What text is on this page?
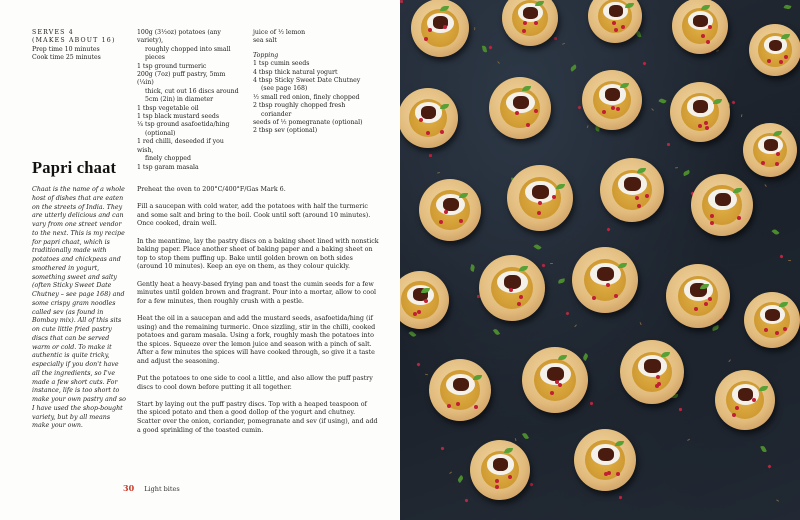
SERVES 4
(MAKES ABOUT 16)
Prep time 10 minutes
Cook time 25 minutes

100g (3½oz) potatoes (any variety),

roughly chopped into small pieces

1 tsp ground turmeric

200g (7oz) puff pastry, 5mm (¼in)

thick, cut out 16 discs around

5cm (2in) in diameter

1 tbsp vegetable oil

1 tsp black mustard seeds

¼ tsp ground asafoetida/hing

(optional)

1 red chilli, deseeded if you wish,

finely chopped

1 tsp garam masala

juice of ½ lemon

sea salt

Topping

1 tsp cumin seeds

4 tbsp thick natural yogurt

4 tbsp Sticky Sweet Date Chutney

(see page 168)

½ small red onion, finely chopped

2 tbsp roughly chopped fresh

coriander

seeds of ½ pomegranate (optional)

2 tbsp sev (optional)

Papri chaat
Chaat is the name of a whole host of dishes that are eaten on the streets of India. They are utterly delicious and can vary from one street vendor to the next. This is my recipe for papri chaat, which is traditionally made with potatoes and chickpeas and smothered in yogurt, something sweet and salty (often Sticky Sweet Date Chutney – see page 168) and some crispy gram noodles called sev (as found in Bombay mix). All of this sits on cute little fried pastry discs that can be served warm or cold. To make it authentic is quite tricky, especially if you don't have all the ingredients, so I've made a few short cuts. For instance, life is too short to make your own pastry and so I have used the shop-bought variety, but by all means make your own.

Preheat the oven to 200°C/400°F/Gas Mark 6.

Fill a saucepan with cold water, add the potatoes with half the turmeric and some salt and bring to the boil. Cook until soft (around 10 minutes). Once cooked, drain well.

In the meantime, lay the pastry discs on a baking sheet lined with nonstick baking paper. Place another sheet of baking paper and a baking sheet on top to stop them puffing up. Bake until golden brown on both sides (around 10 minutes). Keep an eye on them, as they colour quickly.

Gently heat a heavy-based frying pan and toast the cumin seeds for a few minutes until golden brown and fragrant. Pour into a mortar, allow to cool for a few minutes, then roughly crush with a pestle.

Heat the oil in a saucepan and add the mustard seeds, asafoetida/hing (if using) and the remaining turmeric. Once sizzling, stir in the chilli, cooked potatoes and garam masala. Using a fork, roughly mash the potatoes into the spices. Squeeze over the lemon juice and season with a pinch of salt. After a few minutes the spices will have cooked through, so give it a taste and adjust the seasoning.

Put the potatoes to one side to cool a little, and also allow the puff pastry discs to cool down before putting it all together.

Start by laying out the puff pastry discs. Top with a heaped teaspoon of the spiced potato and then a good dollop of the yogurt and chutney. Scatter over the onion, coriander, pomegranate and sev (if using), and add a good sprinkling of the toasted cumin.

30 Light bites
